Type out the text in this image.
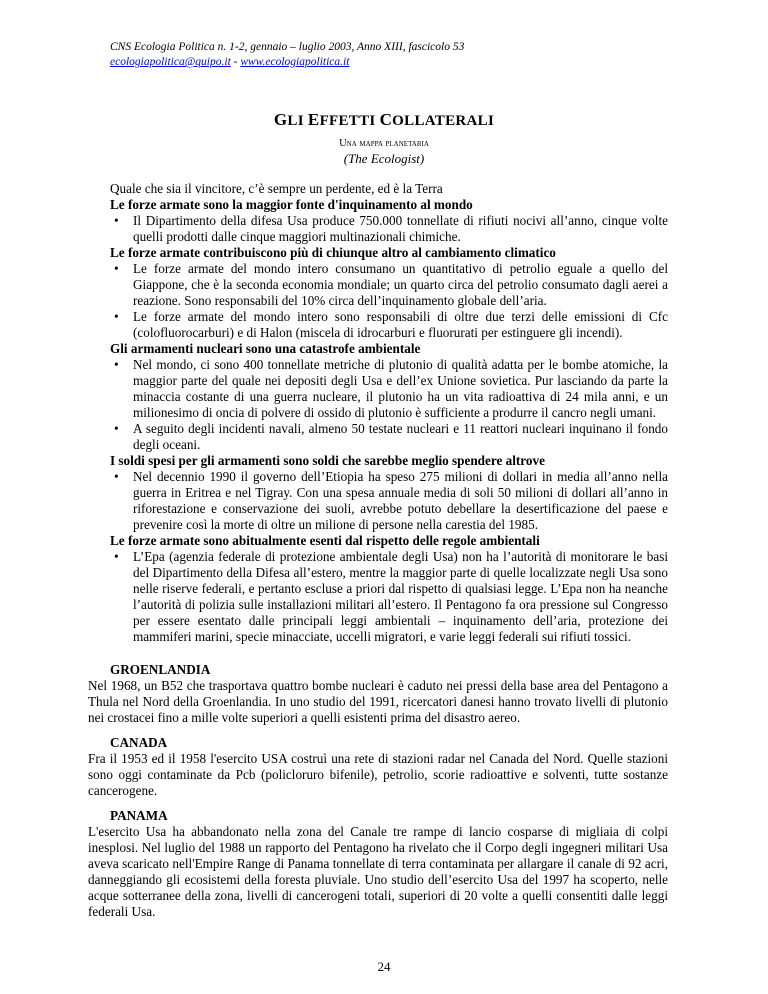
CNS Ecologia Politica n. 1-2, gennaio – luglio 2003, Anno XIII, fascicolo 53
ecologiapolitica@quipo.it - www.ecologiapolitica.it
GLI EFFETTI COLLATERALI
Una mappa planetaria
(The Ecologist)

Quale che sia il vincitore, c’è sempre un perdente, ed è la Terra

Le forze armate sono la maggior fonte d'inquinamento al mondo

• Il Dipartimento della difesa Usa produce 750.000 tonnellate di rifiuti nocivi all’anno, cinque volte quelli prodotti dalle cinque maggiori multinazionali chimiche.

Le forze armate contribuiscono più di chiunque altro al cambiamento climatico

• Le forze armate del mondo intero consumano un quantitativo di petrolio eguale a quello del Giappone, che è la seconda economia mondiale; un quarto circa del petrolio consumato dagli aerei a reazione. Sono responsabili del 10% circa dell’inquinamento globale dell’aria.
• Le forze armate del mondo intero sono responsabili di oltre due terzi delle emissioni di Cfc (colofluorocarburi) e di Halon (miscela di idrocarburi e fluorurati per estinguere gli incendi).

Gli armamenti nucleari sono una catastrofe ambientale

• Nel mondo, ci sono 400 tonnellate metriche di plutonio di qualità adatta per le bombe atomiche, la maggior parte del quale nei depositi degli Usa e dell’ex Unione sovietica. Pur lasciando da parte la minaccia costante di una guerra nucleare, il plutonio ha un vita radioattiva di 24 mila anni, e un milionesimo di oncia di polvere di ossido di plutonio è sufficiente a produrre il cancro negli umani.
• A seguito degli incidenti navali, almeno 50 testate nucleari e 11 reattori nucleari inquinano il fondo degli oceani.

I soldi spesi per gli armamenti sono soldi che sarebbe meglio spendere altrove

• Nel decennio 1990 il governo dell’Etiopia ha speso 275 milioni di dollari in media all’anno nella guerra in Eritrea e nel Tigray. Con una spesa annuale media di soli 50 milioni di dollari all’anno in riforestazione e conservazione dei suoli, avrebbe potuto debellare la desertificazione del paese e prevenire così la morte di oltre un milione di persone nella carestia del 1985.

Le forze armate sono abitualmente esenti dal rispetto delle regole ambientali

• L’Epa (agenzia federale di protezione ambientale degli Usa) non ha l’autorità di monitorare le basi del Dipartimento della Difesa all’estero, mentre la maggior parte di quelle localizzate negli Usa sono nelle riserve federali, e pertanto escluse a priori dal rispetto di qualsiasi legge. L’Epa non ha neanche l’autorità di polizia sulle installazioni militari all’estero. Il Pentagono fa ora pressione sul Congresso per essere esentato dalle principali leggi ambientali – inquinamento dell’aria, protezione dei mammiferi marini, specie minacciate, uccelli migratori, e varie leggi federali sui rifiuti tossici.
GROENLANDIA
Nel 1968, un B52 che trasportava quattro bombe nucleari è caduto nei pressi della base area del Pentagono a Thula nel Nord della Groenlandia. In uno studio del 1991, ricercatori danesi hanno trovato livelli di plutonio nei crostacei fino a mille volte superiori a quelli esistenti prima del disastro aereo.
CANADA
Fra il 1953 ed il 1958 l'esercito USA costruì una rete di stazioni radar nel Canada del Nord. Quelle stazioni sono oggi contaminate da Pcb (policloruro bifenile), petrolio, scorie radioattive e solventi, tutte sostanze cancerogene.
PANAMA
L'esercito Usa ha abbandonato nella zona del Canale tre rampe di lancio cosparse di migliaia di colpi inesplosi. Nel luglio del 1988 un rapporto del Pentagono ha rivelato che il Corpo degli ingegneri militari Usa aveva scaricato nell'Empire Range di Panama tonnellate di terra contaminata per allargare il canale di 92 acri, danneggiando gli ecosistemi della foresta pluviale. Uno studio dell’esercito Usa del 1997 ha scoperto, nelle acque sotterranee della zona, livelli di cancerogeni totali, superiori di 20 volte a quelli consentiti dalle leggi federali Usa.
24
